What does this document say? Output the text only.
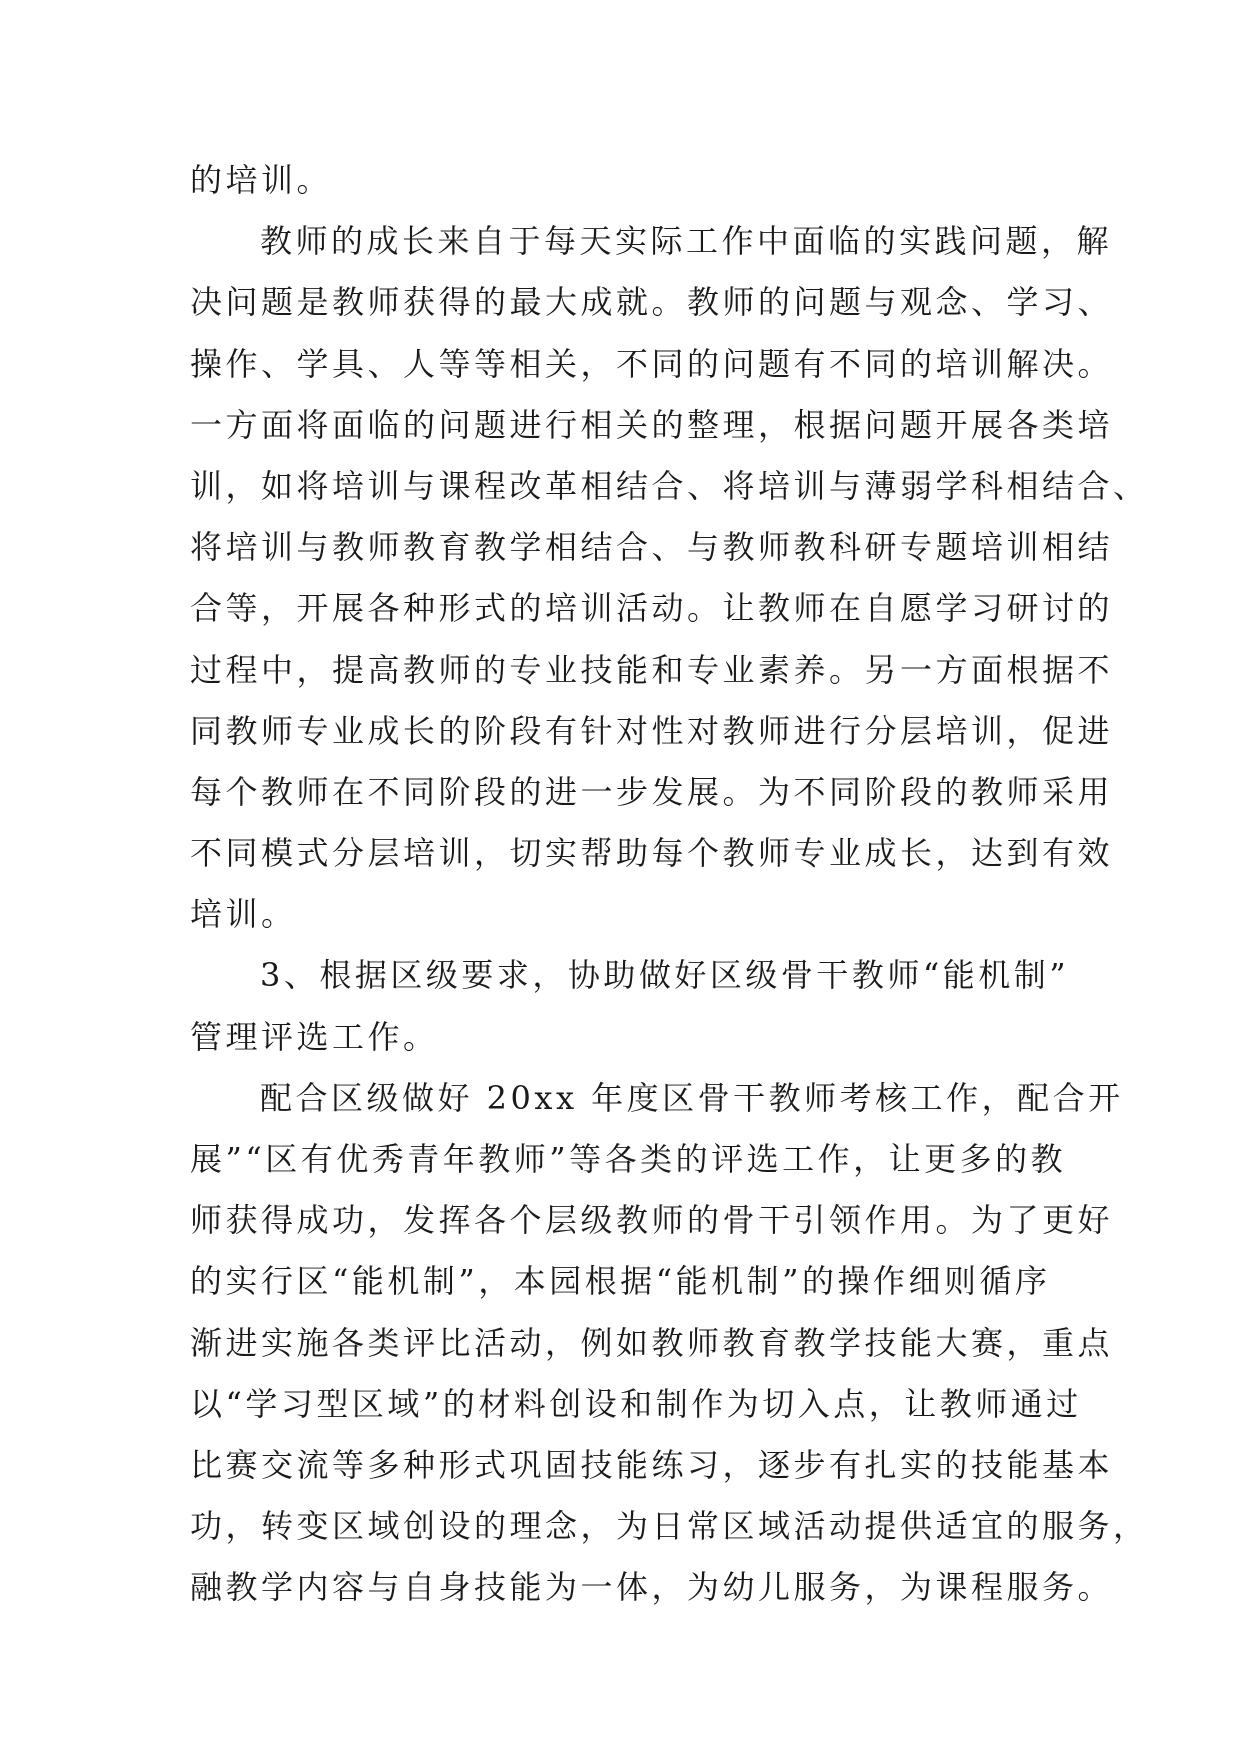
的培训。
教师的成长来自于每天实际工作中面临的实践问题，解
决问题是教师获得的最大成就。教师的问题与观念、学习、
操作、学具、人等等相关，不同的问题有不同的培训解决。
一方面将面临的问题进行相关的整理，根据问题开展各类培
训，如将培训与课程改革相结合、将培训与薄弱学科相结合、
将培训与教师教育教学相结合、与教师教科研专题培训相结
合等，开展各种形式的培训活动。让教师在自愿学习研讨的
过程中，提高教师的专业技能和专业素养。另一方面根据不
同教师专业成长的阶段有针对性对教师进行分层培训，促进
每个教师在不同阶段的进一步发展。为不同阶段的教师采用
不同模式分层培训，切实帮助每个教师专业成长，达到有效
培训。
3、根据区级要求，协助做好区级骨干教师“能机制”
管理评选工作。
配合区级做好 20xx 年度区骨干教师考核工作，配合开
展”“区有优秀青年教师”等各类的评选工作，让更多的教
师获得成功，发挥各个层级教师的骨干引领作用。为了更好
的实行区“能机制”，本园根据“能机制”的操作细则循序
渐进实施各类评比活动，例如教师教育教学技能大赛，重点
以“学习型区域”的材料创设和制作为切入点，让教师通过
比赛交流等多种形式巩固技能练习，逐步有扎实的技能基本
功，转变区域创设的理念，为日常区域活动提供适宜的服务，
融教学内容与自身技能为一体，为幼儿服务，为课程服务。
